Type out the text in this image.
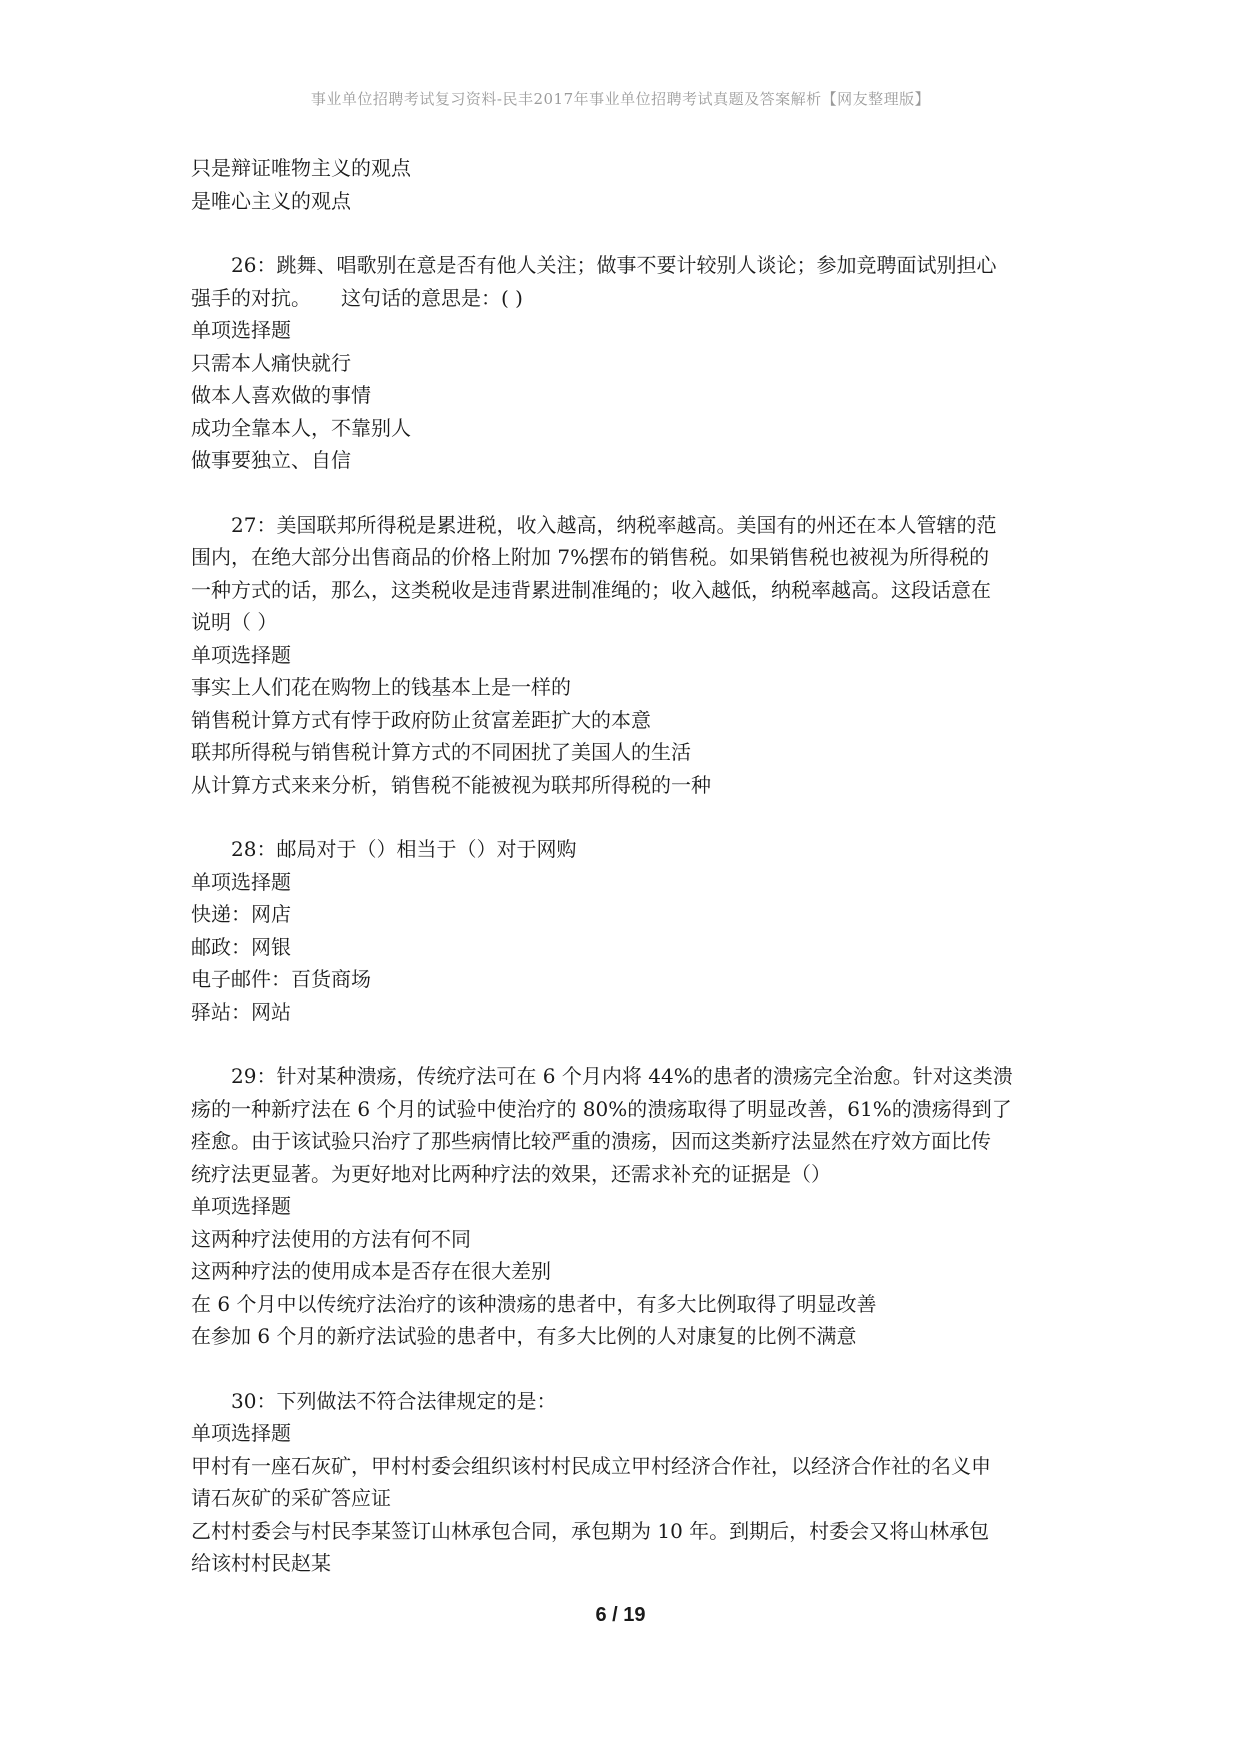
事业单位招聘考试复习资料-民丰2017年事业单位招聘考试真题及答案解析【网友整理版】
只是辩证唯物主义的观点
是唯心主义的观点
26：跳舞、唱歌别在意是否有他人关注；做事不要计较别人谈论；参加竞聘面试别担心
强手的对抗。　　这句话的意思是：( )
单项选择题
只需本人痛快就行
做本人喜欢做的事情
成功全靠本人，不靠别人
做事要独立、自信
27：美国联邦所得税是累进税，收入越高，纳税率越高。美国有的州还在本人管辖的范
围内，在绝大部分出售商品的价格上附加 7%摆布的销售税。如果销售税也被视为所得税的
一种方式的话，那么，这类税收是违背累进制准绳的；收入越低，纳税率越高。这段话意在
说明（ ）
单项选择题
事实上人们花在购物上的钱基本上是一样的
销售税计算方式有悖于政府防止贫富差距扩大的本意
联邦所得税与销售税计算方式的不同困扰了美国人的生活
从计算方式来来分析，销售税不能被视为联邦所得税的一种
28：邮局对于（）相当于（）对于网购
单项选择题
快递：网店
邮政：网银
电子邮件：百货商场
驿站：网站
29：针对某种溃疡，传统疗法可在 6 个月内将 44%的患者的溃疡完全治愈。针对这类溃
疡的一种新疗法在 6 个月的试验中使治疗的 80%的溃疡取得了明显改善，61%的溃疡得到了
痊愈。由于该试验只治疗了那些病情比较严重的溃疡，因而这类新疗法显然在疗效方面比传
统疗法更显著。为更好地对比两种疗法的效果，还需求补充的证据是（）
单项选择题
这两种疗法使用的方法有何不同
这两种疗法的使用成本是否存在很大差别
在 6 个月中以传统疗法治疗的该种溃疡的患者中，有多大比例取得了明显改善
在参加 6 个月的新疗法试验的患者中，有多大比例的人对康复的比例不满意
30：下列做法不符合法律规定的是：
单项选择题
甲村有一座石灰矿，甲村村委会组织该村村民成立甲村经济合作社，以经济合作社的名义申
请石灰矿的采矿答应证
乙村村委会与村民李某签订山林承包合同，承包期为 10 年。到期后，村委会又将山林承包
给该村村民赵某
6 / 19
